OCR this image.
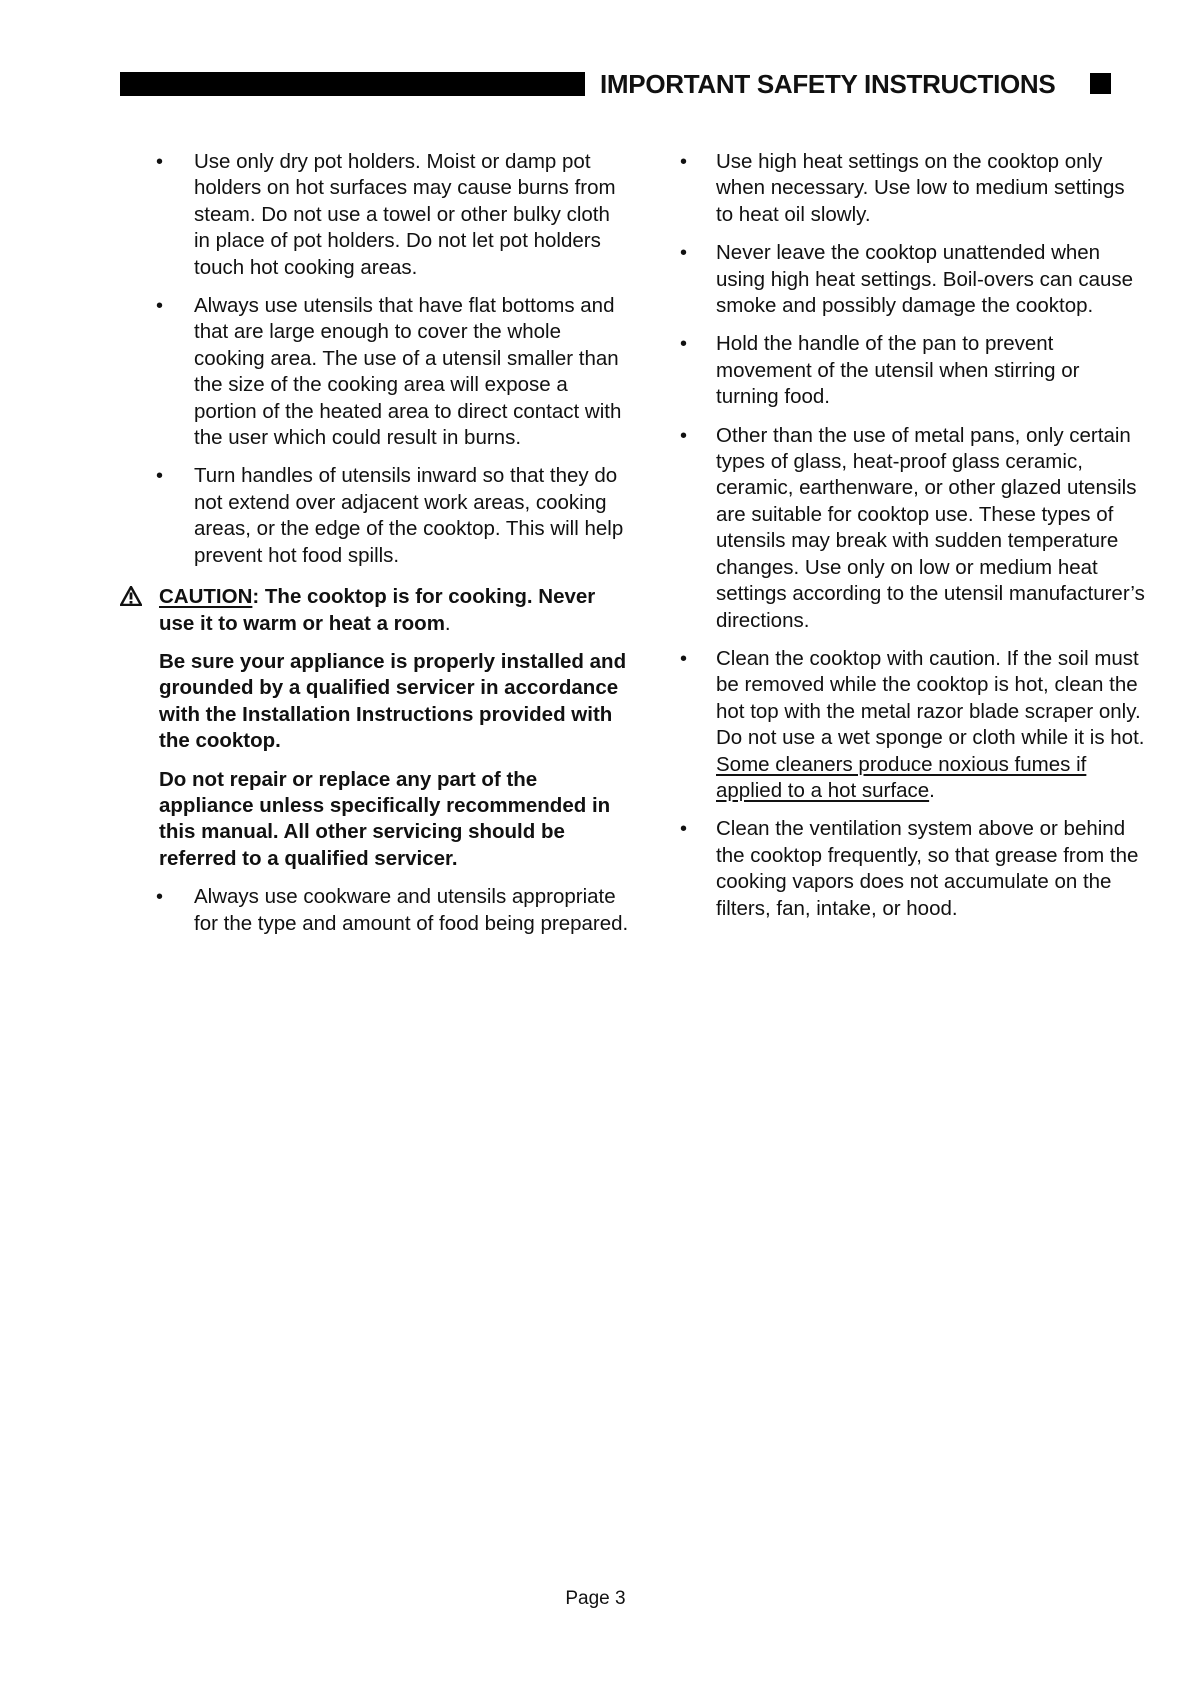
IMPORTANT SAFETY INSTRUCTIONS
• Use only dry pot holders. Moist or damp pot holders on hot surfaces may cause burns from steam. Do not use a towel or other bulky cloth in place of pot holders. Do not let pot holders touch hot cooking areas.
• Always use utensils that have flat bottoms and that are large enough to cover the whole cooking area. The use of a utensil smaller than the size of the cooking area will expose a portion of the heated area to direct contact with the user which could result in burns.
• Turn handles of utensils inward so that they do not extend over adjacent work areas, cooking areas, or the edge of the cooktop. This will help prevent hot food spills.

CAUTION: The cooktop is for cooking. Never use it to warm or heat a room.

Be sure your appliance is properly installed and grounded by a qualified servicer in accordance with the Installation Instructions provided with the cooktop.

Do not repair or replace any part of the appliance unless specifically recommended in this manual. All other servicing should be referred to a qualified servicer.

• Always use cookware and utensils appropriate for the type and amount of food being prepared.
• Use high heat settings on the cooktop only when necessary. Use low to medium settings to heat oil slowly.
• Never leave the cooktop unattended when using high heat settings. Boil-overs can cause smoke and possibly damage the cooktop.
• Hold the handle of the pan to prevent movement of the utensil when stirring or turning food.
• Other than the use of metal pans, only certain types of glass, heat-proof glass ceramic, ceramic, earthenware, or other glazed utensils are suitable for cooktop use. These types of utensils may break with sudden temperature changes. Use only on low or medium heat settings according to the utensil manufacturer’s directions.
• Clean the cooktop with caution. If the soil must be removed while the cooktop is hot, clean the hot top with the metal razor blade scraper only. Do not use a wet sponge or cloth while it is hot. Some cleaners produce noxious fumes if applied to a hot surface.
• Clean the ventilation system above or behind the cooktop frequently, so that grease from the cooking vapors does not accumulate on the filters, fan, intake, or hood.
Page 3
